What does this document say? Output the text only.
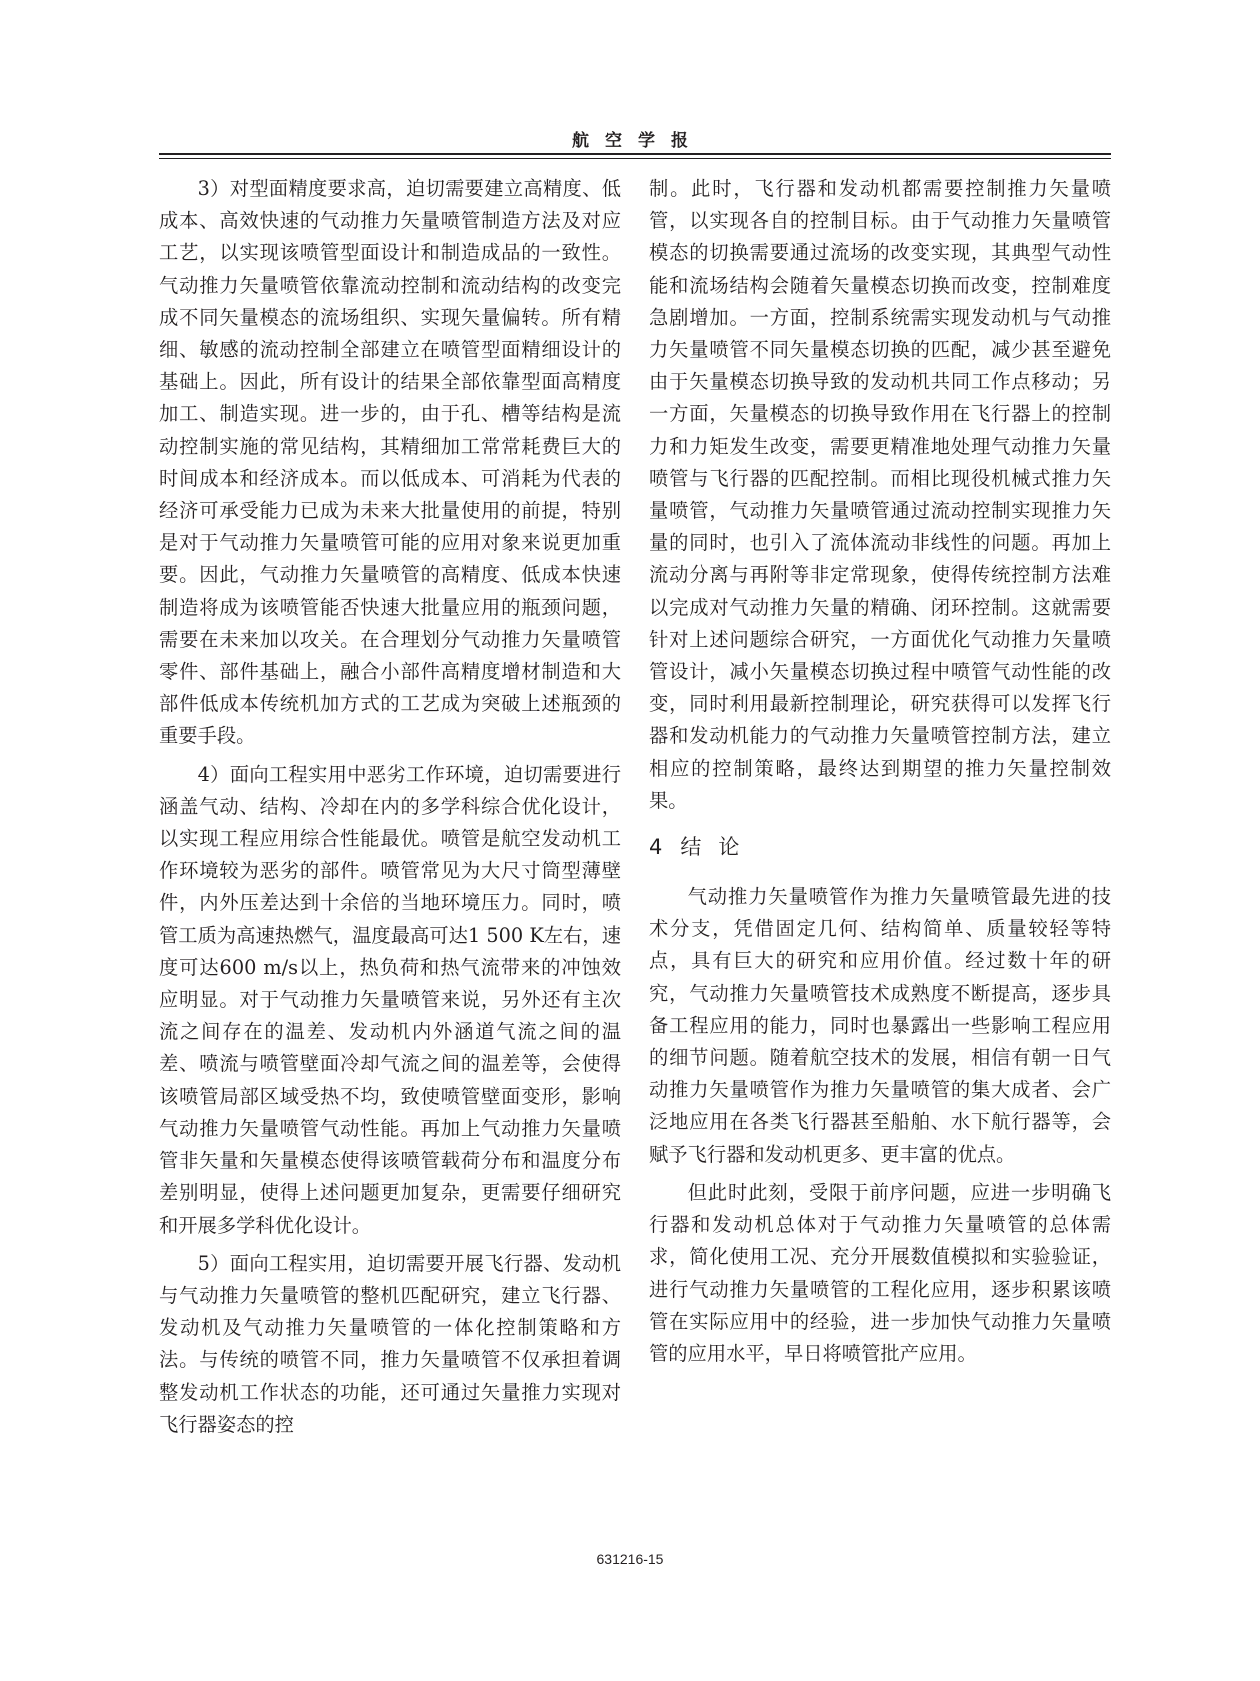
航空学报

3）对型面精度要求高，迫切需要建立高精度、低成本、高效快速的气动推力矢量喷管制造方法及对应工艺，以实现该喷管型面设计和制造成品的一致性。气动推力矢量喷管依靠流动控制和流动结构的改变完成不同矢量模态的流场组织、实现矢量偏转。所有精细、敏感的流动控制全部建立在喷管型面精细设计的基础上。因此，所有设计的结果全部依靠型面高精度加工、制造实现。进一步的，由于孔、槽等结构是流动控制实施的常见结构，其精细加工常常耗费巨大的时间成本和经济成本。而以低成本、可消耗为代表的经济可承受能力已成为未来大批量使用的前提，特别是对于气动推力矢量喷管可能的应用对象来说更加重要。因此，气动推力矢量喷管的高精度、低成本快速制造将成为该喷管能否快速大批量应用的瓶颈问题，需要在未来加以攻关。在合理划分气动推力矢量喷管零件、部件基础上，融合小部件高精度增材制造和大部件低成本传统机加方式的工艺成为突破上述瓶颈的重要手段。

4）面向工程实用中恶劣工作环境，迫切需要进行涵盖气动、结构、冷却在内的多学科综合优化设计，以实现工程应用综合性能最优。喷管是航空发动机工作环境较为恶劣的部件。喷管常见为大尺寸筒型薄壁件，内外压差达到十余倍的当地环境压力。同时，喷管工质为高速热燃气，温度最高可达1 500 K左右，速度可达600 m/s以上，热负荷和热气流带来的冲蚀效应明显。对于气动推力矢量喷管来说，另外还有主次流之间存在的温差、发动机内外涵道气流之间的温差、喷流与喷管壁面冷却气流之间的温差等，会使得该喷管局部区域受热不均，致使喷管壁面变形，影响气动推力矢量喷管气动性能。再加上气动推力矢量喷管非矢量和矢量模态使得该喷管载荷分布和温度分布差别明显，使得上述问题更加复杂，更需要仔细研究和开展多学科优化设计。

5）面向工程实用，迫切需要开展飞行器、发动机与气动推力矢量喷管的整机匹配研究，建立飞行器、发动机及气动推力矢量喷管的一体化控制策略和方法。与传统的喷管不同，推力矢量喷管不仅承担着调整发动机工作状态的功能，还可通过矢量推力实现对飞行器姿态的控

制。此时，飞行器和发动机都需要控制推力矢量喷管，以实现各自的控制目标。由于气动推力矢量喷管模态的切换需要通过流场的改变实现，其典型气动性能和流场结构会随着矢量模态切换而改变，控制难度急剧增加。一方面，控制系统需实现发动机与气动推力矢量喷管不同矢量模态切换的匹配，减少甚至避免由于矢量模态切换导致的发动机共同工作点移动；另一方面，矢量模态的切换导致作用在飞行器上的控制力和力矩发生改变，需要更精准地处理气动推力矢量喷管与飞行器的匹配控制。而相比现役机械式推力矢量喷管，气动推力矢量喷管通过流动控制实现推力矢量的同时，也引入了流体流动非线性的问题。再加上流动分离与再附等非定常现象，使得传统控制方法难以完成对气动推力矢量的精确、闭环控制。这就需要针对上述问题综合研究，一方面优化气动推力矢量喷管设计，减小矢量模态切换过程中喷管气动性能的改变，同时利用最新控制理论，研究获得可以发挥飞行器和发动机能力的气动推力矢量喷管控制方法，建立相应的控制策略，最终达到期望的推力矢量控制效果。

4 结论

气动推力矢量喷管作为推力矢量喷管最先进的技术分支，凭借固定几何、结构简单、质量较轻等特点，具有巨大的研究和应用价值。经过数十年的研究，气动推力矢量喷管技术成熟度不断提高，逐步具备工程应用的能力，同时也暴露出一些影响工程应用的细节问题。随着航空技术的发展，相信有朝一日气动推力矢量喷管作为推力矢量喷管的集大成者、会广泛地应用在各类飞行器甚至船舶、水下航行器等，会赋予飞行器和发动机更多、更丰富的优点。

但此时此刻，受限于前序问题，应进一步明确飞行器和发动机总体对于气动推力矢量喷管的总体需求，简化使用工况、充分开展数值模拟和实验验证，进行气动推力矢量喷管的工程化应用，逐步积累该喷管在实际应用中的经验，进一步加快气动推力矢量喷管的应用水平，早日将喷管批产应用。

631216-15
